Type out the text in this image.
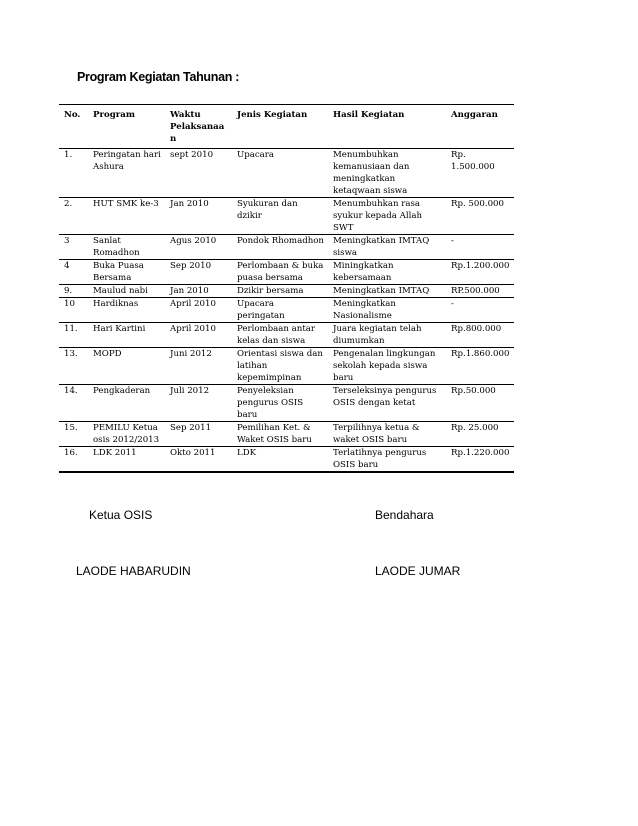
Program Kegiatan Tahunan :
No.	Program	Waktu Pelaksanaan	Jenis Kegiatan	Hasil Kegiatan	Anggaran
1.	Peringatan hari Ashura	sept 2010	Upacara	Menumbuhkan kemanusiaan dan meningkatkan ketaqwaan siswa	Rp. 1.500.000
2.	HUT SMK ke-3	Jan 2010	Syukuran dan dzikir	Menumbuhkan rasa syukur kepada Allah SWT	Rp. 500.000
3	Sanlat Romadhon	Agus 2010	Pondok Rhomadhon	Meningkatkan IMTAQ siswa	-
4	Buka Puasa Bersama	Sep 2010	Perlombaan & buka puasa bersama	Miningkatkan kebersamaan	Rp.1.200.000
9.	Maulud nabi	Jan 2010	Dzikir bersama	Meningkatkan IMTAQ	RP.500.000
10	Hardiknas	April 2010	Upacara peringatan	Meningkatkan Nasionalisme	-
11.	Hari Kartini	April 2010	Perlombaan antar kelas dan siswa	Juara kegiatan telah diumumkan	Rp.800.000
13.	MOPD	Juni 2012	Orientasi siswa dan latihan kepemimpinan	Pengenalan lingkungan sekolah kepada siswa baru	Rp.1.860.000
14.	Pengkaderan	Juli 2012	Penyeleksian pengurus OSIS baru	Terseleksinya pengurus OSIS dengan ketat	Rp.50.000
15.	PEMILU Ketua osis 2012/2013	Sep 2011	Pemilihan Ket. & Waket OSIS baru	Terpilihnya ketua & waket OSIS baru	Rp. 25.000
16.	LDK 2011	Okto 2011	LDK	Terlatihnya pengurus OSIS baru	Rp.1.220.000

Ketua OSIS	Bendahara

LAODE HABARUDIN	LAODE JUMAR
